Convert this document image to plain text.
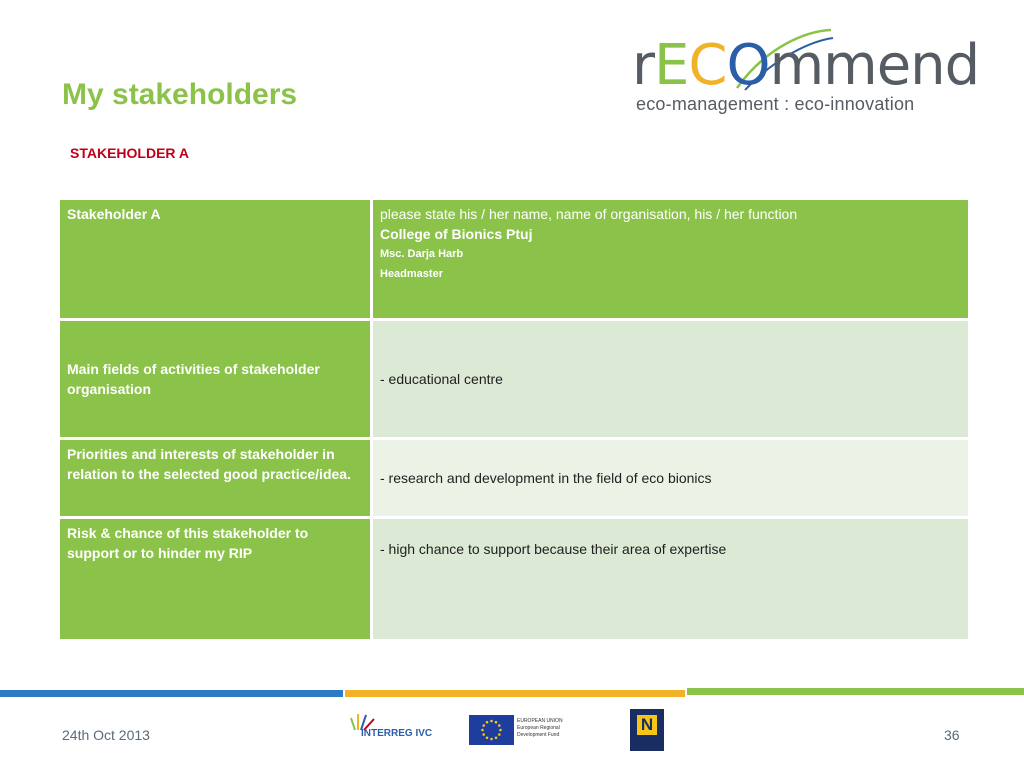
My stakeholders
STAKEHOLDER A
rECOmmend
eco-management : eco-innovation
Stakeholder A	please state his / her name, name of organisation, his / her function
College of Bionics Ptuj
Msc. Darja Harb
Headmaster

Main fields of activities of stakeholder organisation	- educational centre
Priorities and interests of stakeholder in relation to the selected good practice/idea.	- research and development in the field of eco bionics
Risk & chance of this stakeholder to support or to hinder my RIP	- high chance to support because their area of expertise
24th Oct 2013	INTERREG IVC
EUROPEAN UNION European Regional Development Fund
N
36
